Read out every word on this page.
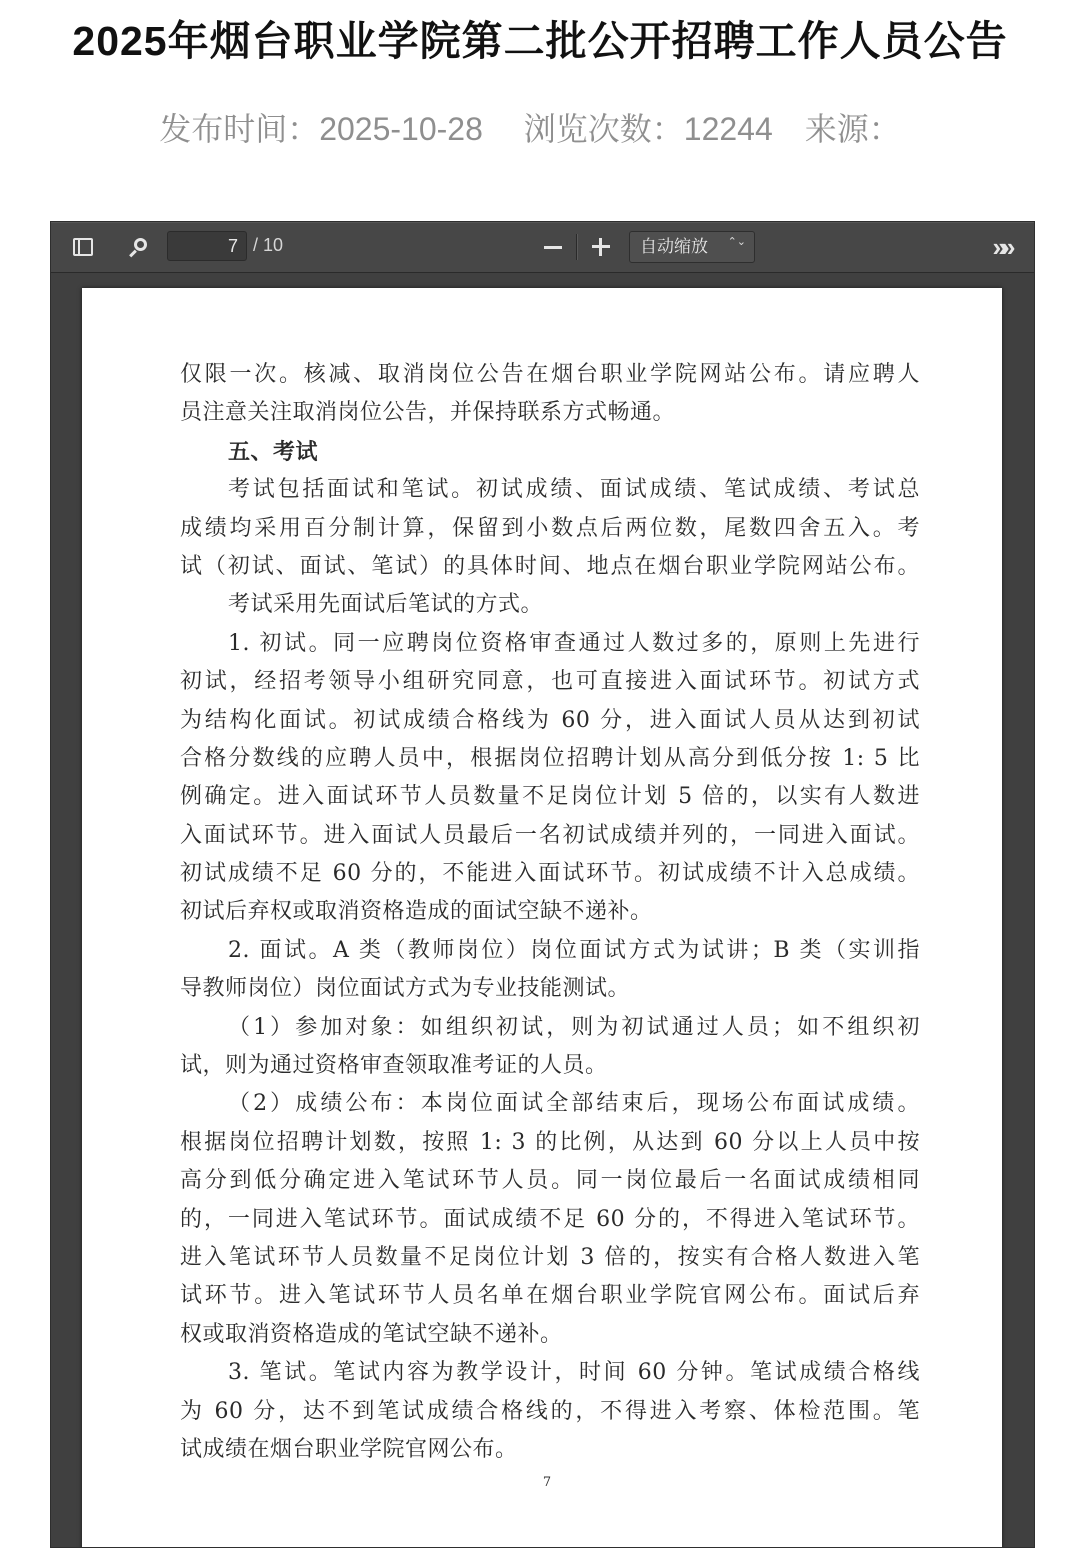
2025年烟台职业学院第二批公开招聘工作人员公告
发布时间：2025-10-28 浏览次数：12244 来源：
7 / 10	自动缩放 ⌃⌄	» »
仅限一次。核减、取消岗位公告在烟台职业学院网站公布。请应聘人
员注意关注取消岗位公告，并保持联系方式畅通。
五、考试
考试包括面试和笔试。初试成绩、面试成绩、笔试成绩、考试总
成绩均采用百分制计算，保留到小数点后两位数，尾数四舍五入。考
试（初试、面试、笔试）的具体时间、地点在烟台职业学院网站公布。
考试采用先面试后笔试的方式。
1. 初试。同一应聘岗位资格审查通过人数过多的，原则上先进行
初试，经招考领导小组研究同意，也可直接进入面试环节。初试方式
为结构化面试。初试成绩合格线为 60 分，进入面试人员从达到初试
合格分数线的应聘人员中，根据岗位招聘计划从高分到低分按 1: 5 比
例确定。进入面试环节人员数量不足岗位计划 5 倍的，以实有人数进
入面试环节。进入面试人员最后一名初试成绩并列的，一同进入面试。
初试成绩不足 60 分的，不能进入面试环节。初试成绩不计入总成绩。
初试后弃权或取消资格造成的面试空缺不递补。
2. 面试。A 类（教师岗位）岗位面试方式为试讲；B 类（实训指
导教师岗位）岗位面试方式为专业技能测试。
（1）参加对象：如组织初试，则为初试通过人员；如不组织初
试，则为通过资格审查领取准考证的人员。
（2）成绩公布：本岗位面试全部结束后，现场公布面试成绩。
根据岗位招聘计划数，按照 1: 3 的比例，从达到 60 分以上人员中按
高分到低分确定进入笔试环节人员。同一岗位最后一名面试成绩相同
的，一同进入笔试环节。面试成绩不足 60 分的，不得进入笔试环节。
进入笔试环节人员数量不足岗位计划 3 倍的，按实有合格人数进入笔
试环节。进入笔试环节人员名单在烟台职业学院官网公布。面试后弃
权或取消资格造成的笔试空缺不递补。
3. 笔试。笔试内容为教学设计，时间 60 分钟。笔试成绩合格线
为 60 分，达不到笔试成绩合格线的，不得进入考察、体检范围。笔
试成绩在烟台职业学院官网公布。
7
